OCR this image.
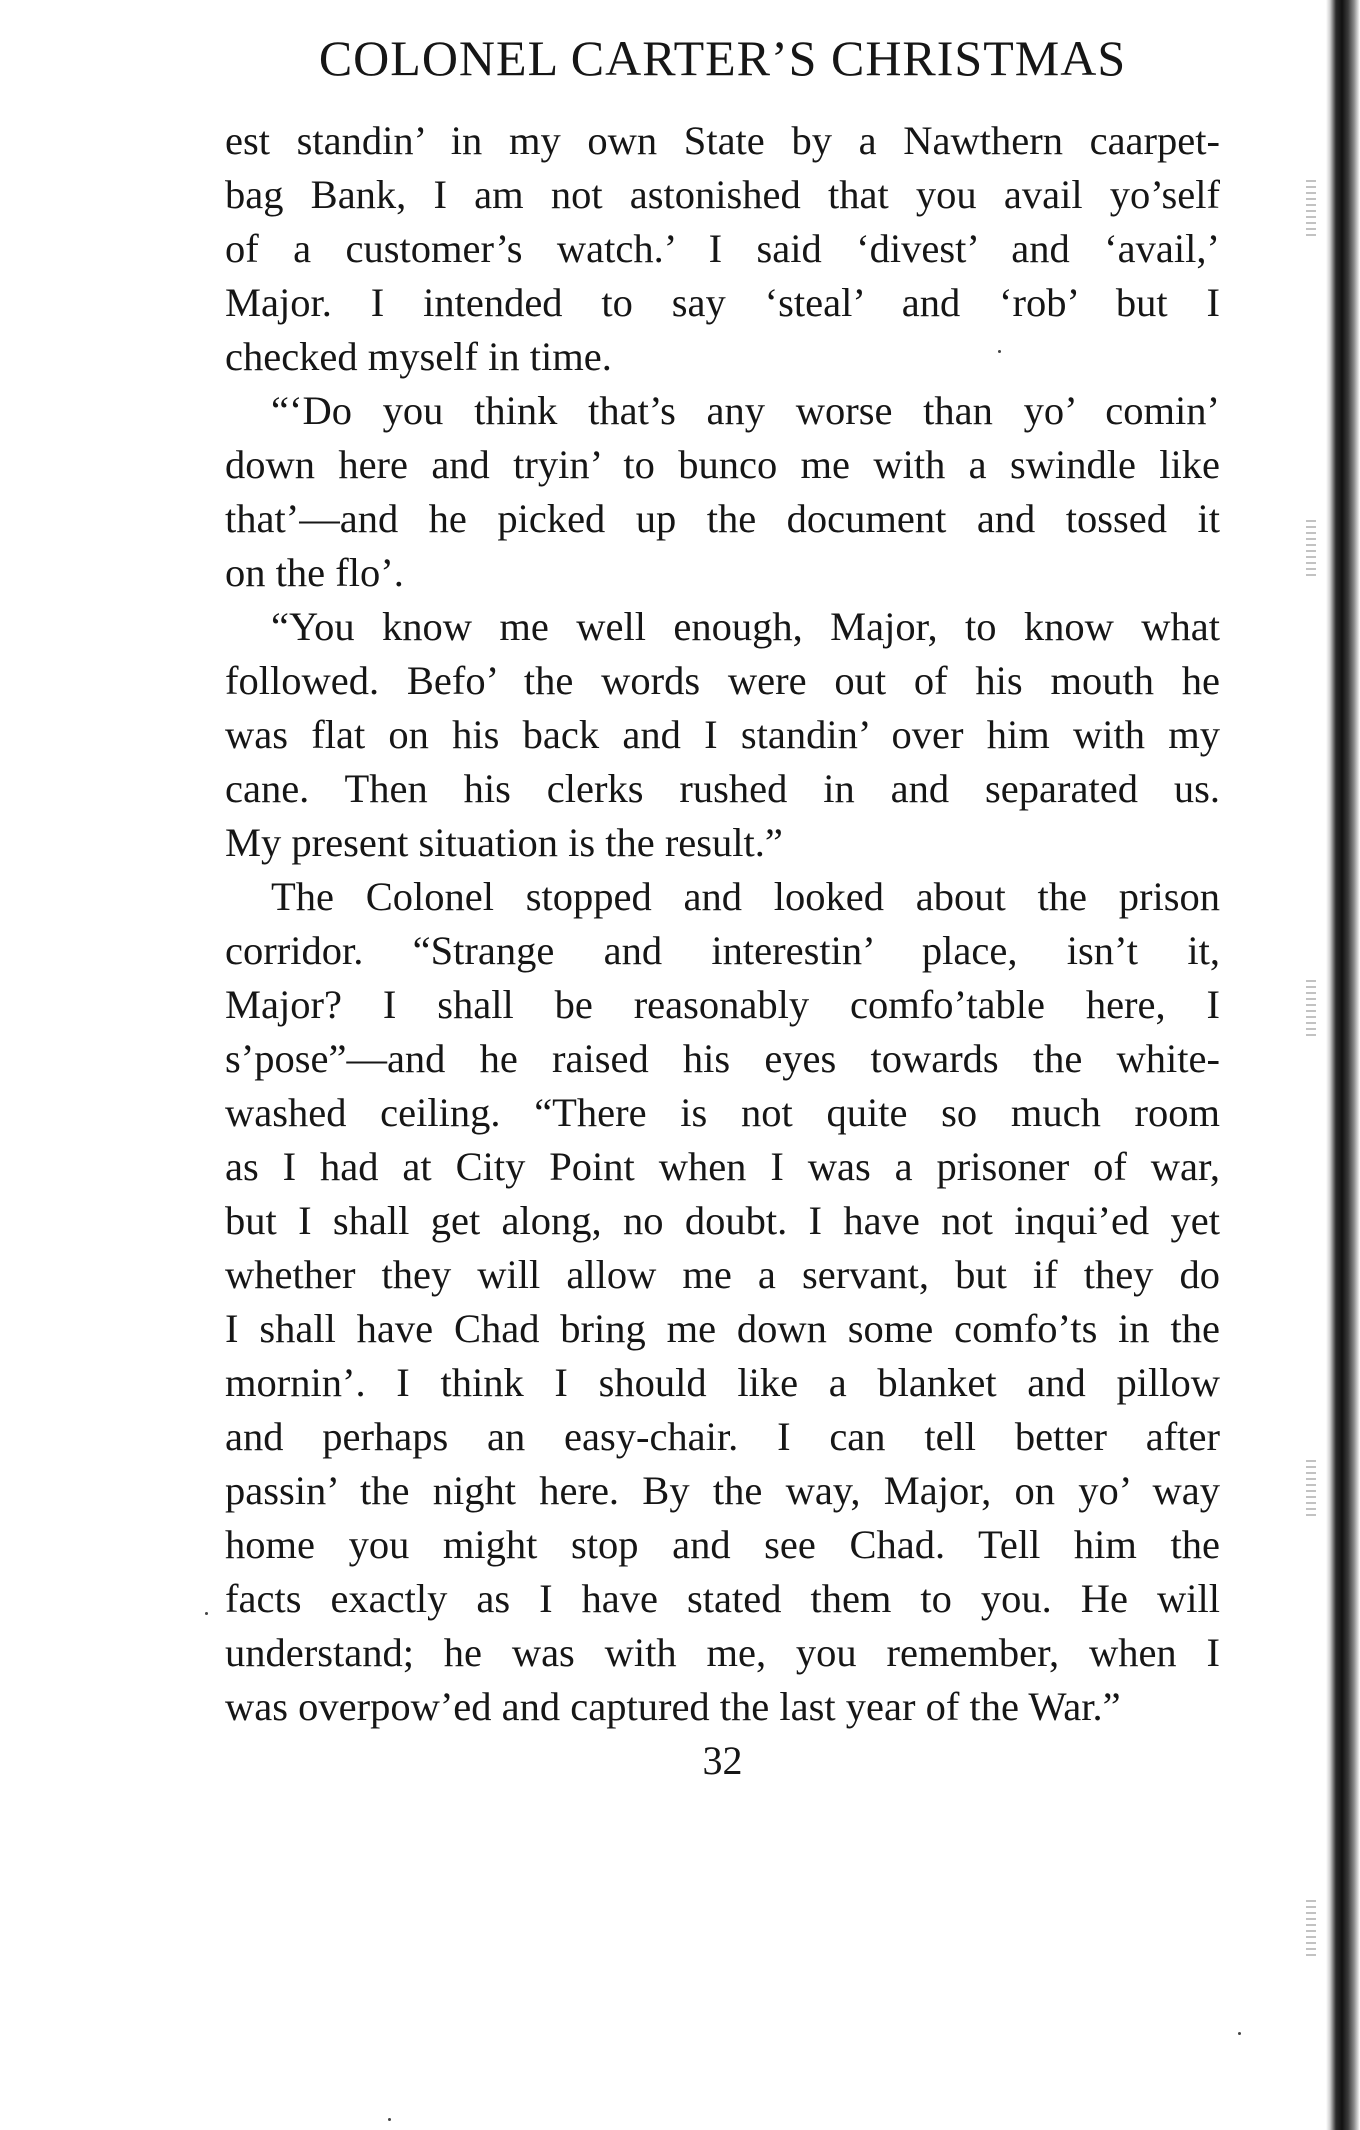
COLONEL CARTER’S CHRISTMAS

est standin’ in my own State by a Nawthern caarpet-
bag Bank, I am not astonished that you avail yo’self
of a customer’s watch.’ I said ‘divest’ and ‘avail,’
Major. I intended to say ‘steal’ and ‘rob’ but I
checked myself in time.

“‘Do you think that’s any worse than yo’ comin’
down here and tryin’ to bunco me with a swindle like
that’—and he picked up the document and tossed it
on the flo’.

“You know me well enough, Major, to know what
followed. Befo’ the words were out of his mouth he
was flat on his back and I standin’ over him with my
cane. Then his clerks rushed in and separated us.
My present situation is the result.”

The Colonel stopped and looked about the prison
corridor. “Strange and interestin’ place, isn’t it,
Major? I shall be reasonably comfo’table here, I
s’pose”—and he raised his eyes towards the white-
washed ceiling. “There is not quite so much room
as I had at City Point when I was a prisoner of war,
but I shall get along, no doubt. I have not inqui’ed yet
whether they will allow me a servant, but if they do
I shall have Chad bring me down some comfo’ts in the
mornin’. I think I should like a blanket and pillow
and perhaps an easy-chair. I can tell better after
passin’ the night here. By the way, Major, on yo’ way
home you might stop and see Chad. Tell him the
facts exactly as I have stated them to you. He will
understand; he was with me, you remember, when I
was overpow’ed and captured the last year of the War.”

32
